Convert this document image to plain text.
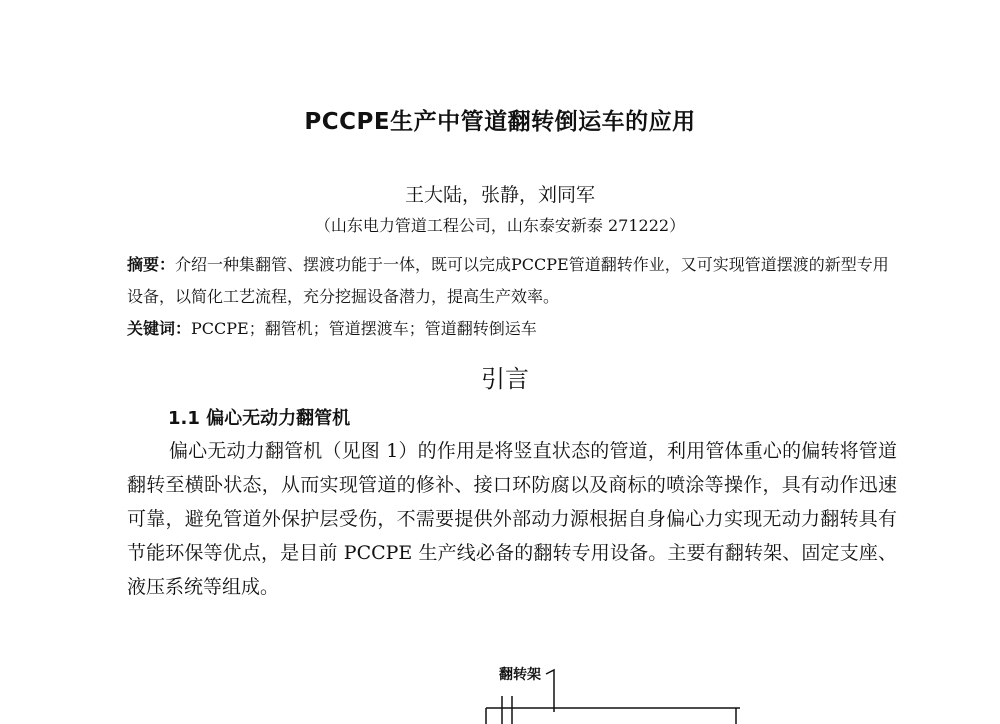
PCCPE生产中管道翻转倒运车的应用
王大陆，张静，刘同军
（山东电力管道工程公司，山东泰安新泰 271222）
摘要：介绍一种集翻管、摆渡功能于一体，既可以完成PCCPE管道翻转作业，又可实现管道摆渡的新型专用设备，以简化工艺流程，充分挖掘设备潜力，提高生产效率。
关键词：PCCPE；翻管机；管道摆渡车；管道翻转倒运车
引言
1.1 偏心无动力翻管机
偏心无动力翻管机（见图 1）的作用是将竖直状态的管道，利用管体重心的偏转将管道翻转至横卧状态，从而实现管道的修补、接口环防腐以及商标的喷涂等操作，具有动作迅速可靠，避免管道外保护层受伤，不需要提供外部动力源根据自身偏心力实现无动力翻转具有节能环保等优点，是目前 PCCPE 生产线必备的翻转专用设备。主要有翻转架、固定支座、液压系统等组成。
翻转架
